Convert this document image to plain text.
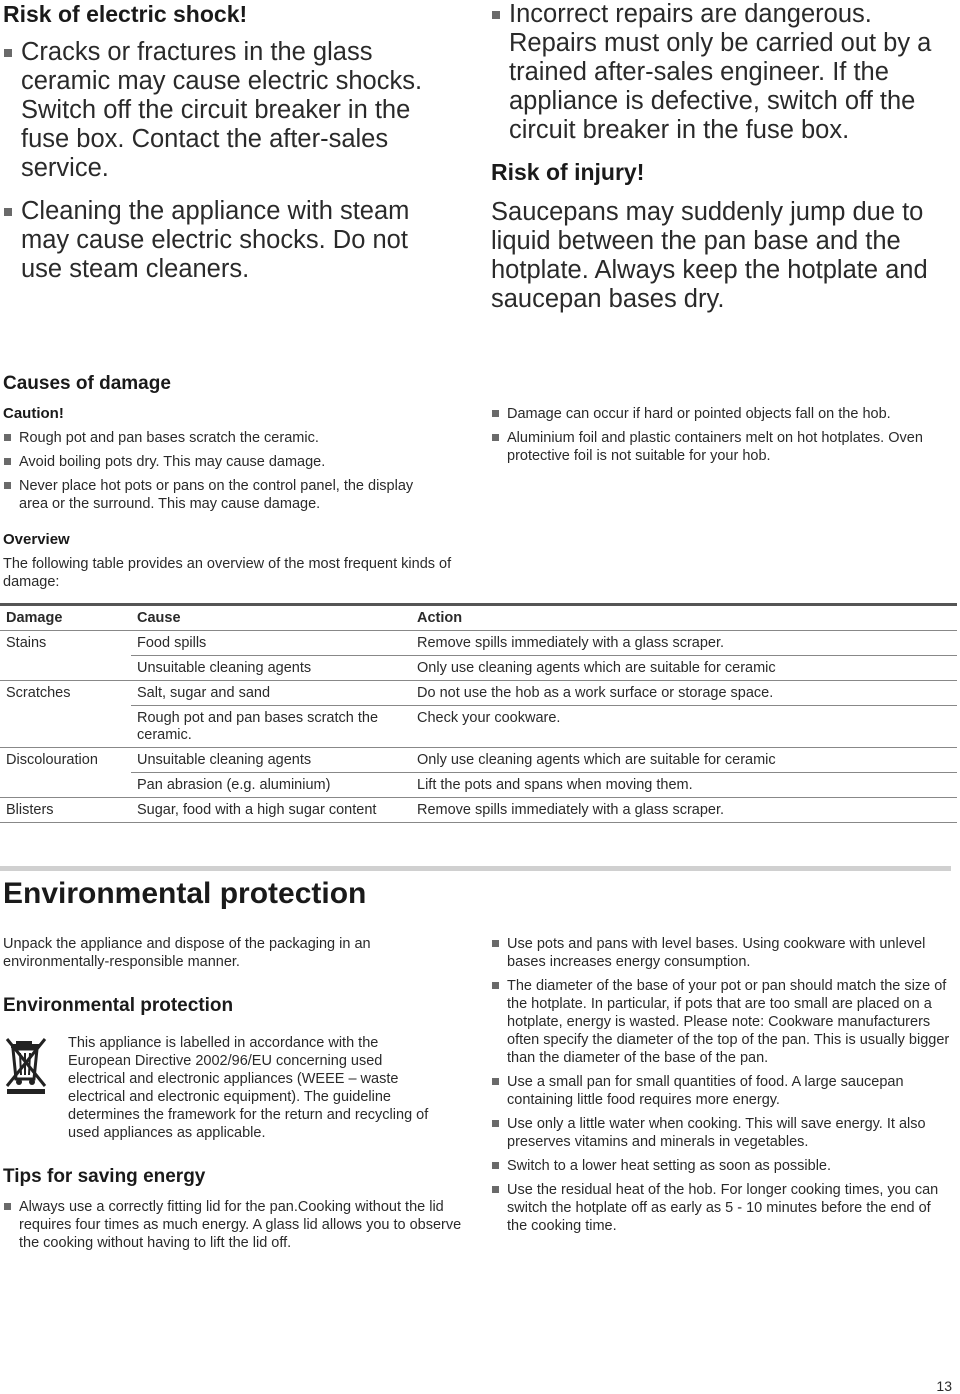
Risk of electric shock!
Cracks or fractures in the glass ceramic may cause electric shocks. Switch off the circuit breaker in the fuse box. Contact the after-sales service.
Cleaning the appliance with steam may cause electric shocks. Do not use steam cleaners.
Incorrect repairs are dangerous. Repairs must only be carried out by a trained after-sales engineer. If the appliance is defective, switch off the circuit breaker in the fuse box.
Risk of injury!

Saucepans may suddenly jump due to liquid between the pan base and the hotplate. Always keep the hotplate and saucepan bases dry.

Causes of damage

Caution!

Rough pot and pan bases scratch the ceramic.
Avoid boiling pots dry. This may cause damage.
Never place hot pots or pans on the control panel, the display area or the surround. This may cause damage.
Damage can occur if hard or pointed objects fall on the hob.
Aluminium foil and plastic containers melt on hot hotplates. Oven protective foil is not suitable for your hob.

Overview

The following table provides an overview of the most frequent kinds of damage:

Damage	Cause	Action
Stains	Food spills	Remove spills immediately with a glass scraper.
	Unsuitable cleaning agents	Only use cleaning agents which are suitable for ceramic
Scratches	Salt, sugar and sand	Do not use the hob as a work surface or storage space.
	Rough pot and pan bases scratch the ceramic.	Check your cookware.
Discolouration	Unsuitable cleaning agents	Only use cleaning agents which are suitable for ceramic
	Pan abrasion (e.g. aluminium)	Lift the pots and spans when moving them.
Blisters	Sugar, food with a high sugar content	Remove spills immediately with a glass scraper.
Environmental protection

Unpack the appliance and dispose of the packaging in an environmentally-responsible manner.

Environmental protection

This appliance is labelled in accordance with the European Directive 2002/96/EU concerning used electrical and electronic appliances (WEEE – waste electrical and electronic equipment). The guideline determines the framework for the return and recycling of used appliances as applicable.

Tips for saving energy
Always use a correctly fitting lid for the pan.Cooking without the lid requires four times as much energy. A glass lid allows you to observe the cooking without having to lift the lid off.
Use pots and pans with level bases. Using cookware with unlevel bases increases energy consumption.
The diameter of the base of your pot or pan should match the size of the hotplate. In particular, if pots that are too small are placed on a hotplate, energy is wasted. Please note: Cookware manufacturers often specify the diameter of the top of the pan. This is usually bigger than the diameter of the base of the pan.
Use a small pan for small quantities of food. A large saucepan containing little food requires more energy.
Use only a little water when cooking. This will save energy. It also preserves vitamins and minerals in vegetables.
Switch to a lower heat setting as soon as possible.
Use the residual heat of the hob. For longer cooking times, you can switch the hotplate off as early as 5 - 10 minutes before the end of the cooking time.
13
